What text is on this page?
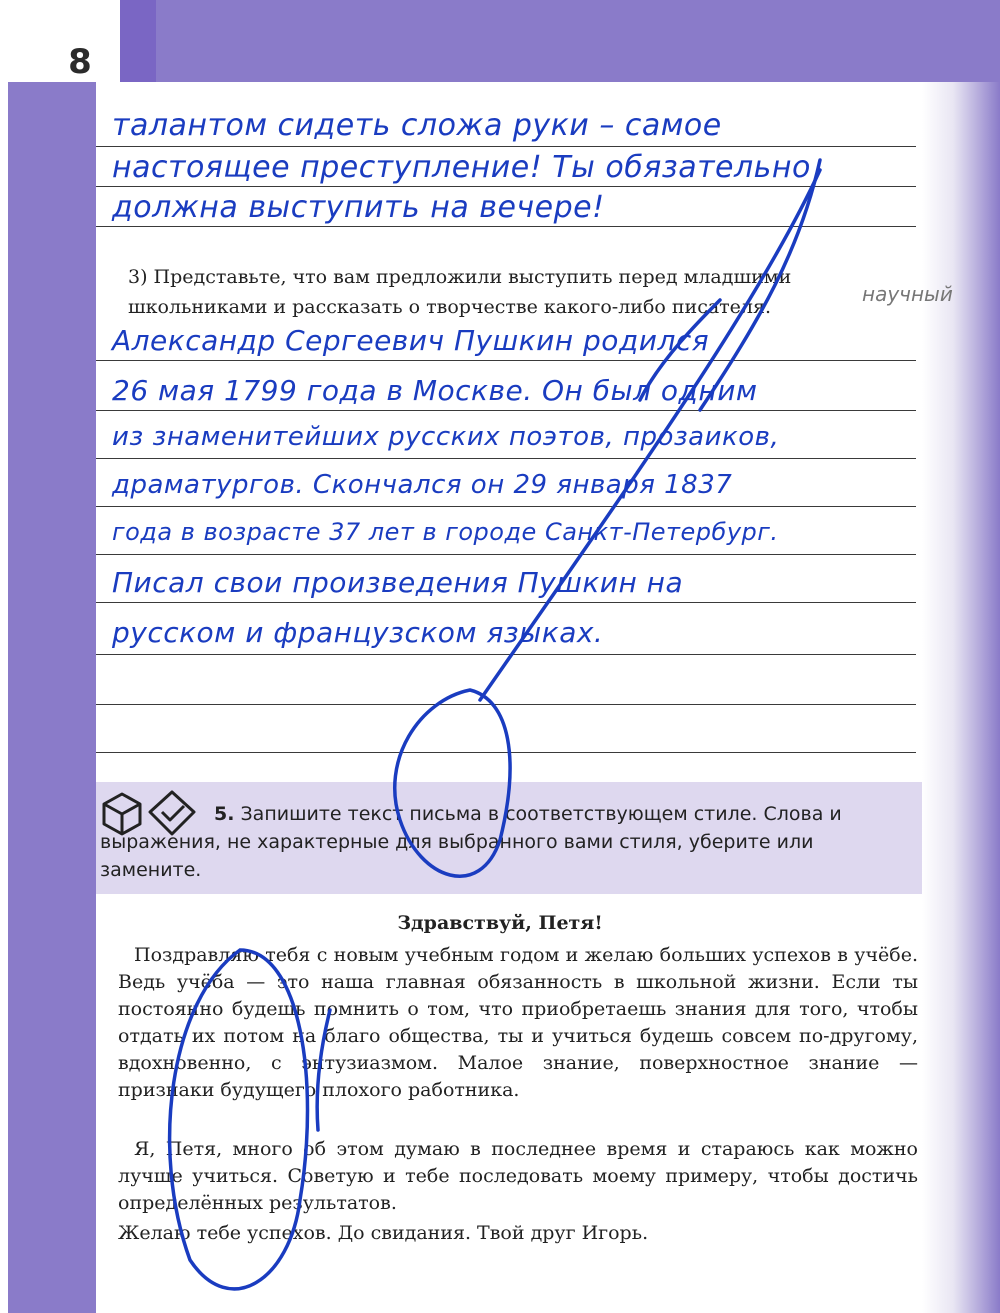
8
талантом сидеть сложа руки – самое
настоящее преступление! Ты обязательно
должна выступить на вечере!
3) Представьте, что вам предложили выступить перед младшими
школьниками и рассказать о творчестве какого-либо писателя.
научный
Александр Сергеевич Пушкин родился
26 мая 1799 года в Москве. Он был одним
из знаменитейших русских поэтов, прозаиков,
драматургов. Скончался он 29 января 1837
года в возрасте 37 лет в городе Санкт-Петербург.
Писал свои произведения Пушкин на
русском и французском языках.
5. Запишите текст письма в соответствующем стиле. Слова и выражения, не характерные для выбранного вами стиля, уберите или замените.
Здравствуй, Петя!
Поздравляю тебя с новым учебным годом и желаю больших успехов в учёбе. Ведь учёба — это наша главная обязанность в школьной жизни. Если ты постоянно будешь помнить о том, что приобретаешь знания для того, чтобы отдать их потом на благо общества, ты и учиться будешь совсем по-другому, вдохновенно, с энтузиазмом. Малое знание, поверхностное знание — признаки будущего плохого работника.
Я, Петя, много об этом думаю в последнее время и стараюсь как можно лучше учиться. Советую и тебе последовать моему примеру, чтобы достичь определённых результатов.
Желаю тебе успехов. До свидания. Твой друг Игорь.
